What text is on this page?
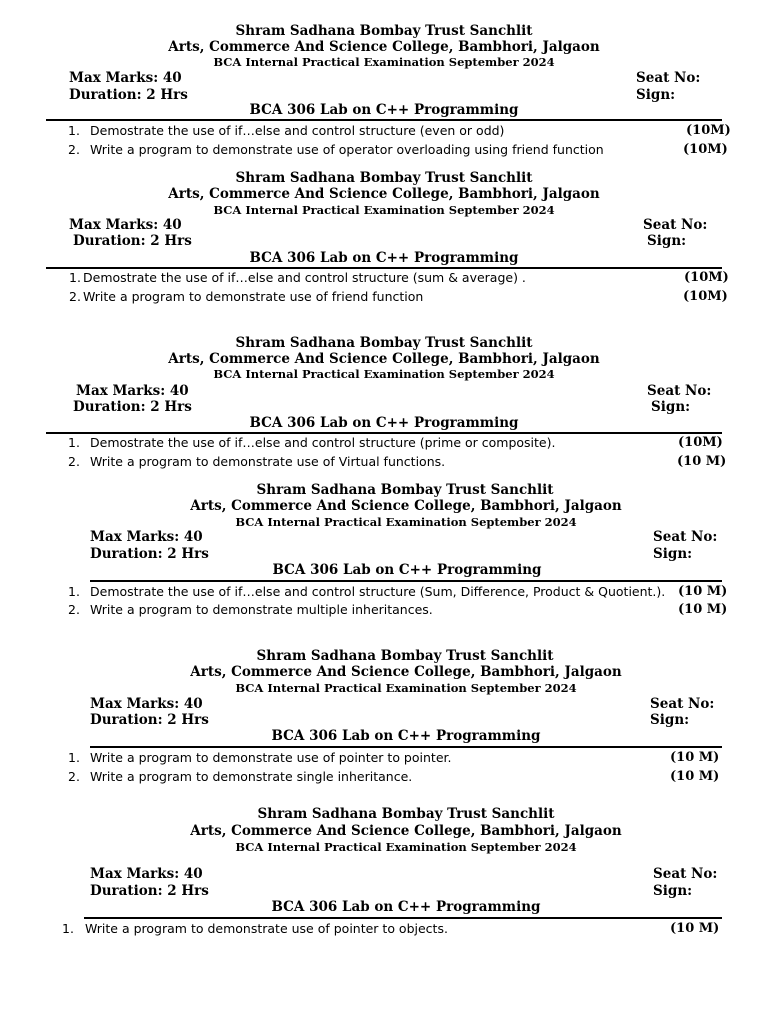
Shram Sadhana Bombay Trust Sanchlit
Arts, Commerce And Science College, Bambhori, Jalgaon
BCA Internal Practical Examination September 2024
Max Marks: 40
Duration: 2 Hrs
Seat No:
Sign:
BCA 306 Lab on C++ Programming
1. Demostrate the use of if…else and control structure (even or odd)	(10M)
2. Write a program to demonstrate use of operator overloading using friend function	(10M)
Shram Sadhana Bombay Trust Sanchlit
Arts, Commerce And Science College, Bambhori, Jalgaon
BCA Internal Practical Examination September 2024
Max Marks: 40
Duration: 2 Hrs
Seat No:
Sign:
BCA 306 Lab on C++ Programming
1. Demostrate the use of if…else and control structure (sum & average) .	(10M)
2. Write a program to demonstrate use of friend function	(10M)
Shram Sadhana Bombay Trust Sanchlit
Arts, Commerce And Science College, Bambhori, Jalgaon
BCA Internal Practical Examination September 2024
Max Marks: 40
Duration: 2 Hrs
Seat No:
Sign:
BCA 306 Lab on C++ Programming
1. Demostrate the use of if…else and control structure (prime or composite).	(10M)
2. Write a program to demonstrate use of Virtual functions.	(10 M)
Shram Sadhana Bombay Trust Sanchlit
Arts, Commerce And Science College, Bambhori, Jalgaon
BCA Internal Practical Examination September 2024
Max Marks: 40
Duration: 2 Hrs
Seat No:
Sign:
BCA 306 Lab on C++ Programming
1. Demostrate the use of if…else and control structure (Sum, Difference, Product & Quotient.). (10 M)
2. Write a program to demonstrate multiple inheritances.	(10 M)
Shram Sadhana Bombay Trust Sanchlit
Arts, Commerce And Science College, Bambhori, Jalgaon
BCA Internal Practical Examination September 2024
Max Marks: 40
Duration: 2 Hrs
Seat No:
Sign:
BCA 306 Lab on C++ Programming
1. Write a program to demonstrate use of pointer to pointer.	(10 M)
2. Write a program to demonstrate single inheritance.	(10 M)
Shram Sadhana Bombay Trust Sanchlit
Arts, Commerce And Science College, Bambhori, Jalgaon
BCA Internal Practical Examination September 2024
Max Marks: 40
Duration: 2 Hrs
Seat No:
Sign:
BCA 306 Lab on C++ Programming
1. Write a program to demonstrate use of pointer to objects.	(10 M)
